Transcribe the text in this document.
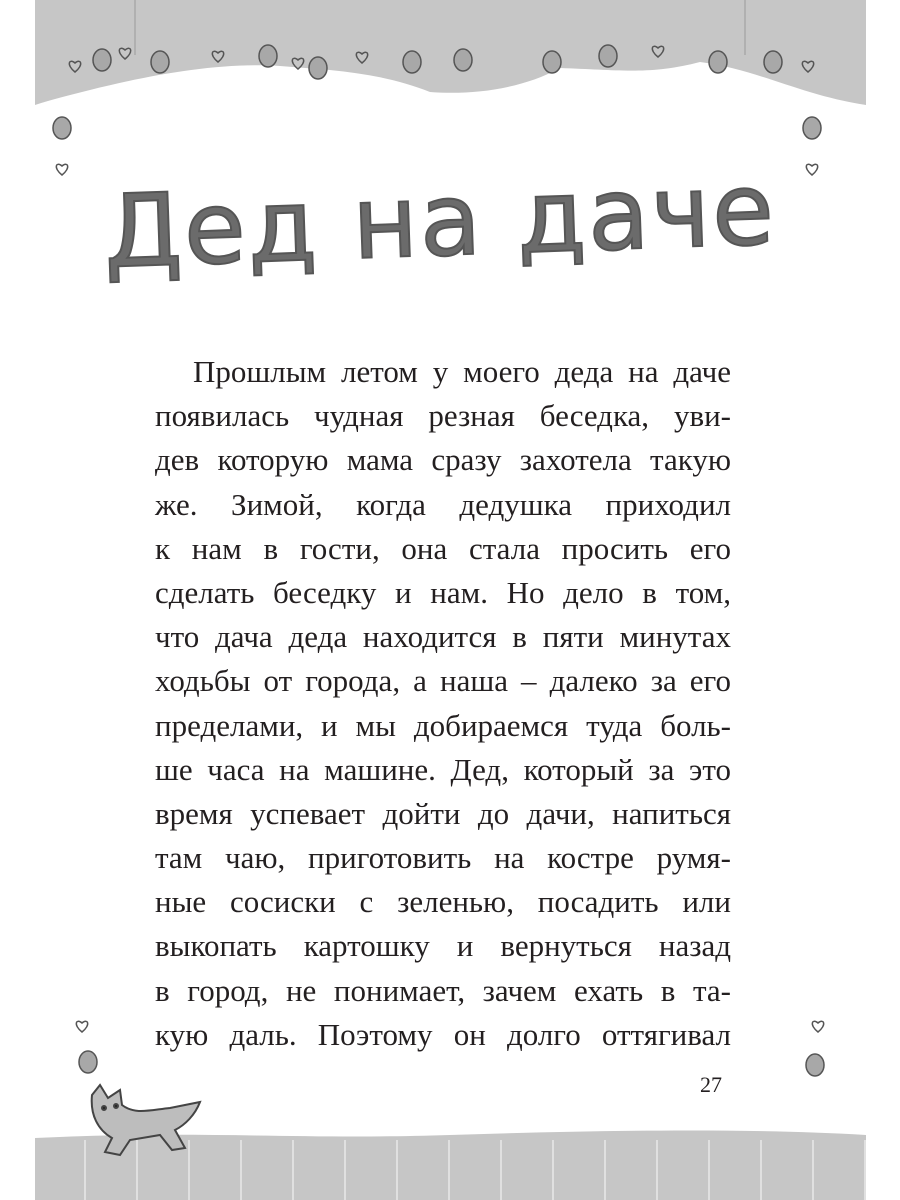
Дед на даче
Прошлым летом у моего деда на даче
появилась чудная резная беседка, уви-
дев которую мама сразу захотела такую
же. Зимой, когда дедушка приходил
к нам в гости, она стала просить его
сделать беседку и нам. Но дело в том,
что дача деда находится в пяти минутах
ходьбы от города, а наша – далеко за его
пределами, и мы добираемся туда боль-
ше часа на машине. Дед, который за это
время успевает дойти до дачи, напиться
там чаю, приготовить на костре румя-
ные сосиски с зеленью, посадить или
выкопать картошку и вернуться назад
в город, не понимает, зачем ехать в та-
кую даль. Поэтому он долго оттягивал
27
